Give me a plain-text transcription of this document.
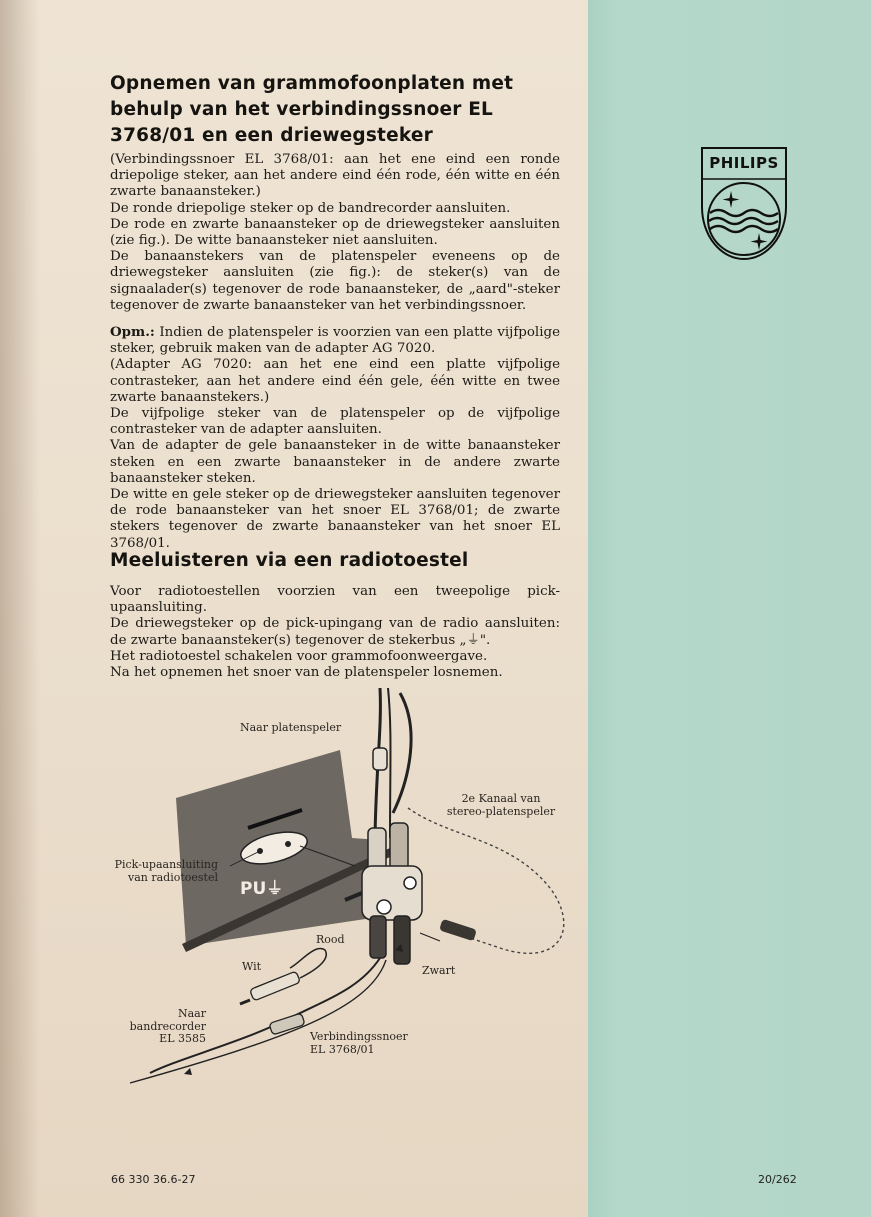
PHILIPS
Opnemen van grammofoonplaten met behulp van het verbindingssnoer EL 3768/01 en een driewegsteker

(Verbindingssnoer EL 3768/01: aan het ene eind een ronde driepolige steker, aan het andere eind één rode, één witte en één zwarte banaansteker.)

De ronde driepolige steker op de bandrecorder aansluiten.

De rode en zwarte banaansteker op de driewegsteker aansluiten (zie fig.). De witte banaansteker niet aansluiten.

De banaanstekers van de platenspeler eveneens op de driewegsteker aansluiten (zie fig.): de steker(s) van de signaalader(s) tegenover de rode banaansteker, de „aard"-steker tegenover de zwarte banaansteker van het verbindingssnoer.

Opm.: Indien de platenspeler is voorzien van een platte vijfpolige steker, gebruik maken van de adapter AG 7020.

(Adapter AG 7020: aan het ene eind een platte vijfpolige contrasteker, aan het andere eind één gele, één witte en twee zwarte banaanstekers.)

De vijfpolige steker van de platenspeler op de vijfpolige contrasteker van de adapter aansluiten.

Van de adapter de gele banaansteker in de witte banaansteker steken en een zwarte banaansteker in de andere zwarte banaansteker steken.

De witte en gele steker op de driewegsteker aansluiten tegenover de rode banaansteker van het snoer EL 3768/01; de zwarte stekers tegenover de zwarte banaansteker van het snoer EL 3768/01.

Meeluisteren via een radiotoestel

Voor radiotoestellen voorzien van een tweepolige pick-upaansluiting.

De driewegsteker op de pick-upingang van de radio aansluiten: de zwarte banaansteker(s) tegenover de stekerbus „⏚".

Het radiotoestel schakelen voor grammofoonweergave.

Na het opnemen het snoer van de platenspeler losnemen.

PU⏚
Naar platenspeler
2e Kanaal van
stereo-platenspeler
Pick-upaansluiting
van radiotoestel
Rood
Zwart
Wit
Naar
bandrecorder
EL 3585	Verbindingssnoer
EL 3768/01
66 330 36.6-27	20/262
